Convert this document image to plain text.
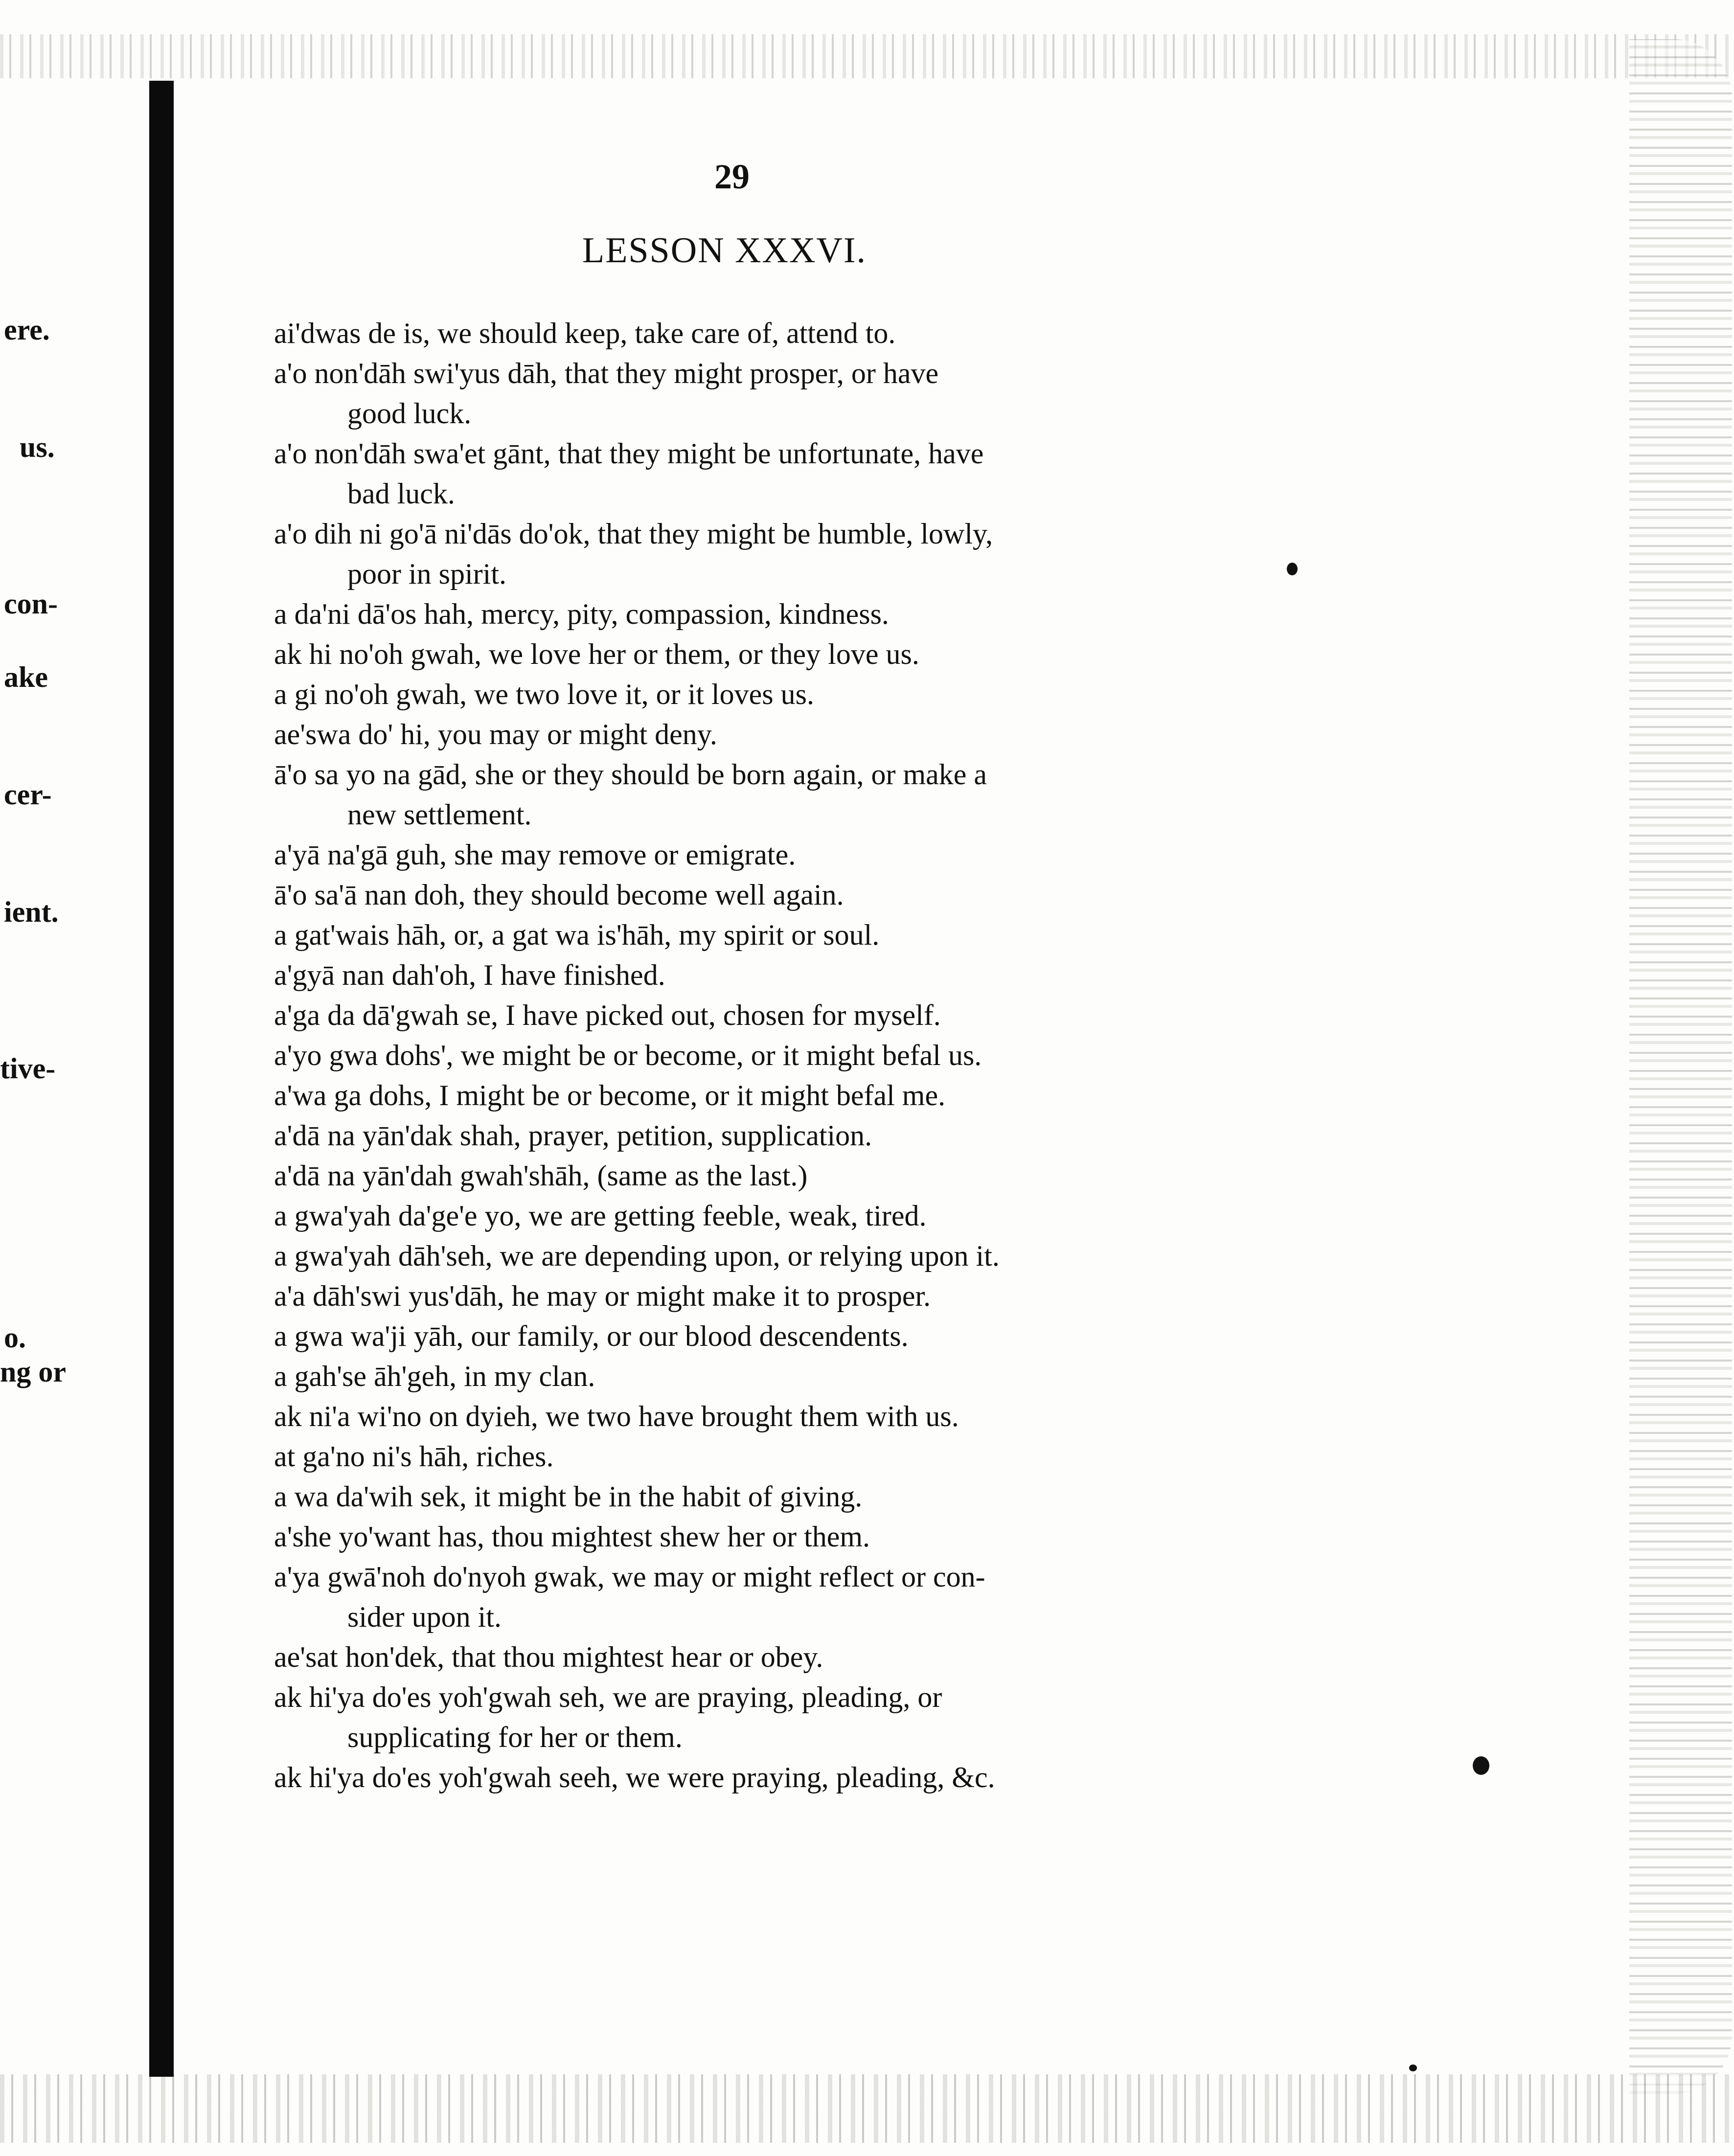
ere.
us.
con-
ake
cer-
ient.
tive-
o.
ng or
29
LESSON XXXVI.
ai'dwas de is, we should keep, take care of, attend to.
a'o non'dāh swi'yus dāh, that they might prosper, or have
good luck.
a'o non'dāh swa'et gānt, that they might be unfortunate, have
bad luck.
a'o dih ni go'ā ni'dās do'ok, that they might be humble, lowly,
poor in spirit.
a da'ni dā'os hah, mercy, pity, compassion, kindness.
ak hi no'oh gwah, we love her or them, or they love us.
a gi no'oh gwah, we two love it, or it loves us.
ae'swa do' hi, you may or might deny.
ā'o sa yo na gād, she or they should be born again, or make a
new settlement.
a'yā na'gā guh, she may remove or emigrate.
ā'o sa'ā nan doh, they should become well again.
a gat'wais hāh, or, a gat wa is'hāh, my spirit or soul.
a'gyā nan dah'oh, I have finished.
a'ga da dā'gwah se, I have picked out, chosen for myself.
a'yo gwa dohs', we might be or become, or it might befal us.
a'wa ga dohs, I might be or become, or it might befal me.
a'dā na yān'dak shah, prayer, petition, supplication.
a'dā na yān'dah gwah'shāh, (same as the last.)
a gwa'yah da'ge'e yo, we are getting feeble, weak, tired.
a gwa'yah dāh'seh, we are depending upon, or relying upon it.
a'a dāh'swi yus'dāh, he may or might make it to prosper.
a gwa wa'ji yāh, our family, or our blood descendents.
a gah'se āh'geh, in my clan.
ak ni'a wi'no on dyieh, we two have brought them with us.
at ga'no ni's hāh, riches.
a wa da'wih sek, it might be in the habit of giving.
a'she yo'want has, thou mightest shew her or them.
a'ya gwā'noh do'nyoh gwak, we may or might reflect or con-
sider upon it.
ae'sat hon'dek, that thou mightest hear or obey.
ak hi'ya do'es yoh'gwah seh, we are praying, pleading, or
supplicating for her or them.
ak hi'ya do'es yoh'gwah seeh, we were praying, pleading, &c.
